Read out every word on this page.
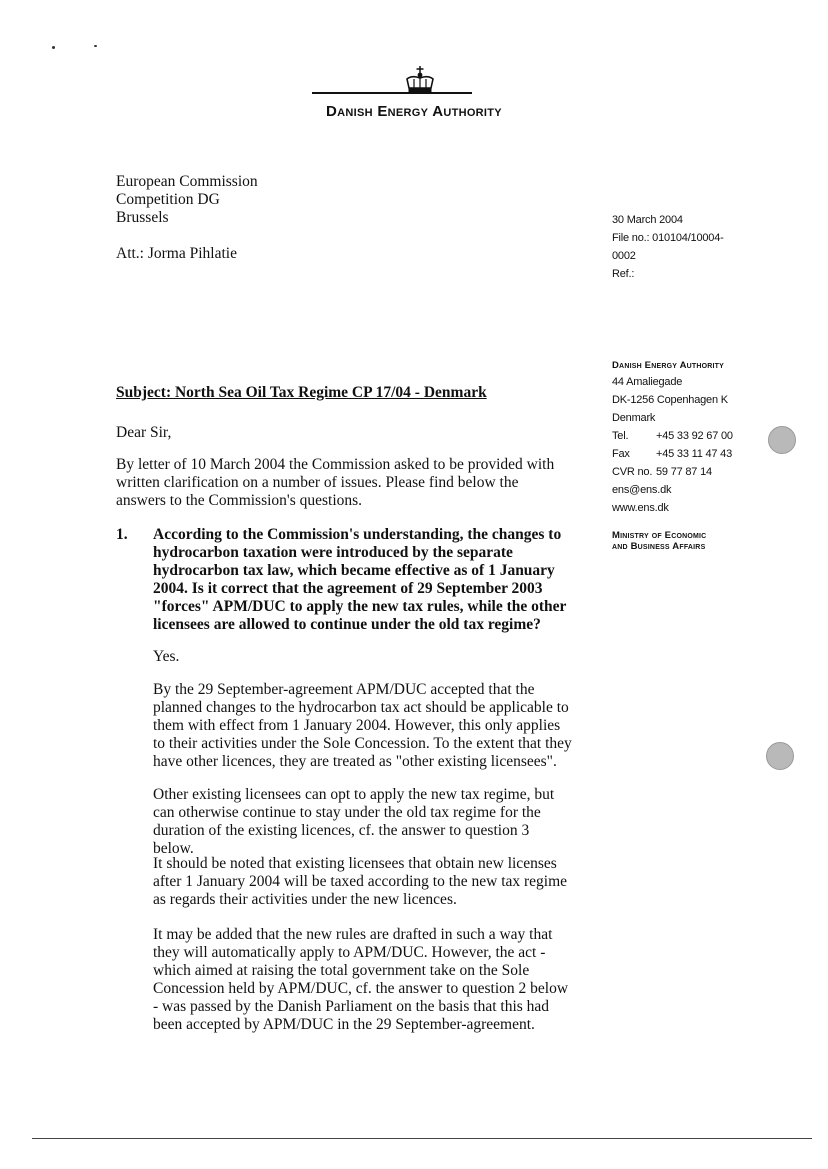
Danish Energy Authority
European Commission
Competition DG
Brussels
Att.: Jorma Pihlatie
30 March 2004
File no.: 010104/10004-
0002
Ref.:
Danish Energy Authority
44 Amaliegade
DK-1256 Copenhagen K
Denmark
Tel.	+45 33 92 67 00
Fax +45 33 11 47 43
CVR no. 59 77 87 14
ens@ens.dk
www.ens.dk
Ministry of Economic
and Business Affairs
Subject: North Sea Oil Tax Regime CP 17/04 - Denmark
Dear Sir,
By letter of 10 March 2004 the Commission asked to be provided with written clarification on a number of issues. Please find below the answers to the Commission's questions.
1. According to the Commission's understanding, the changes to hydrocarbon taxation were introduced by the separate hydrocarbon tax law, which became effective as of 1 January 2004. Is it correct that the agreement of 29 September 2003 "forces" APM/DUC to apply the new tax rules, while the other licensees are allowed to continue under the old tax regime?
Yes.
By the 29 September-agreement APM/DUC accepted that the planned changes to the hydrocarbon tax act should be applicable to them with effect from 1 January 2004. However, this only applies to their activities under the Sole Concession. To the extent that they have other licences, they are treated as "other existing licensees".
Other existing licensees can opt to apply the new tax regime, but can otherwise continue to stay under the old tax regime for the duration of the existing licences, cf. the answer to question 3 below.
It should be noted that existing licensees that obtain new licenses after 1 January 2004 will be taxed according to the new tax regime as regards their activities under the new licences.
It may be added that the new rules are drafted in such a way that they will automatically apply to APM/DUC. However, the act - which aimed at raising the total government take on the Sole Concession held by APM/DUC, cf. the answer to question 2 below - was passed by the Danish Parliament on the basis that this had been accepted by APM/DUC in the 29 September-agreement.
